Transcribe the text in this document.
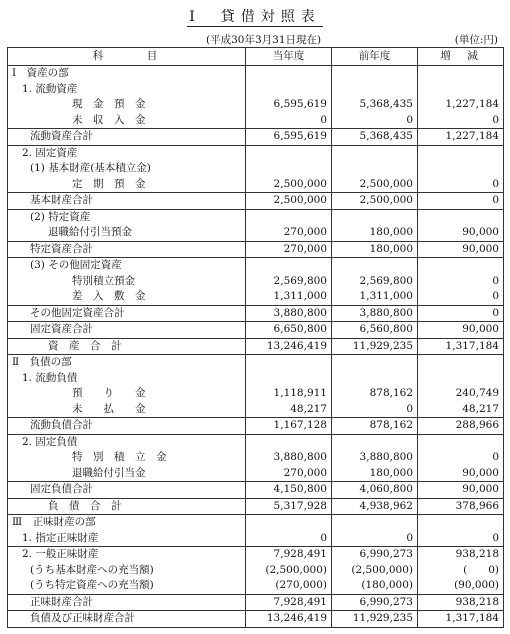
Ⅰ　貸借対照表
(平成30年3月31日現在)	(単位:円)
科　　　目	当年度	前年度	増　減
Ⅰ　資産の部			
1. 流動資産			
現　金　預　金	6,595,619	5,368,435	1,227,184
未　収　入　金	0	0	0
流動資産合計	6,595,619	5,368,435	1,227,184
2. 固定資産			
(1) 基本財産(基本積立金)			
定　期　預　金	2,500,000	2,500,000	0
基本財産合計	2,500,000	2,500,000	0
(2) 特定資産			
退職給付引当預金	270,000	180,000	90,000
特定資産合計	270,000	180,000	90,000
(3) その他固定資産			
特別積立預金	2,569,800	2,569,800	0
差　入　敷　金	1,311,000	1,311,000	0
その他固定資産合計	3,880,800	3,880,800	0
固定資産合計	6,650,800	6,560,800	90,000
資　産　合　計	13,246,419	11,929,235	1,317,184
Ⅱ　負債の部			
1. 流動負債			
預　　り　　金	1,118,911	878,162	240,749
未　　払　　金	48,217	0	48,217
流動負債合計	1,167,128	878,162	288,966
2. 固定負債			
特　別　積　立　金	3,880,800	3,880,800	0
退職給付引当金	270,000	180,000	90,000
固定負債合計	4,150,800	4,060,800	90,000
負　債　合　計	5,317,928	4,938,962	378,966
Ⅲ　正味財産の部			
1. 指定正味財産	0	0	0
2. 一般正味財産	7,928,491	6,990,273	938,218
(うち基本財産への充当額)	(2,500,000)	(2,500,000)	(　　0)
(うち特定資産への充当額)	(270,000)	(180,000)	(90,000)
正味財産合計	7,928,491	6,990,273	938,218
負債及び正味財産合計	13,246,419	11,929,235	1,317,184
